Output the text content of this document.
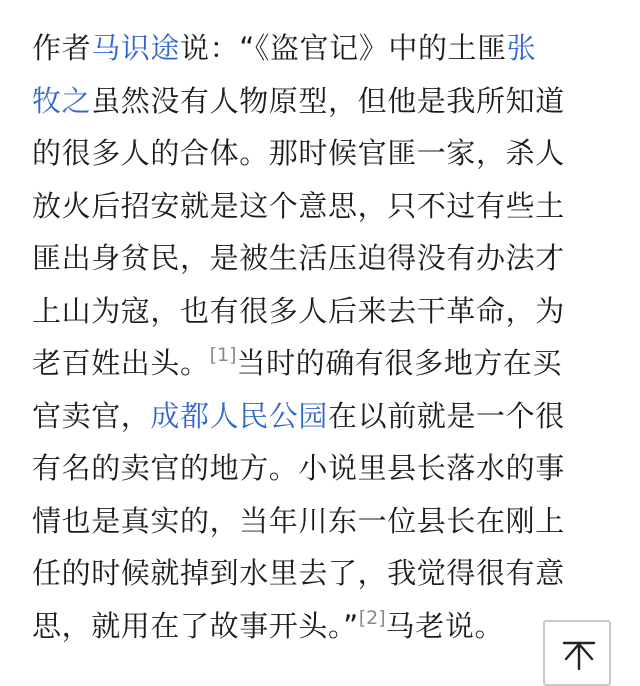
作者马识途说：“《盗官记》中的土匪张
牧之虽然没有人物原型，但他是我所知道
的很多人的合体。那时候官匪一家，杀人
放火后招安就是这个意思，只不过有些土
匪出身贫民，是被生活压迫得没有办法才
上山为寇，也有很多人后来去干革命，为
老百姓出头。[1]当时的确有很多地方在买
官卖官，成都人民公园在以前就是一个很
有名的卖官的地方。小说里县长落水的事
情也是真实的，当年川东一位县长在刚上
任的时候就掉到水里去了，我觉得很有意
思，就用在了故事开头。”[2]马老说。
